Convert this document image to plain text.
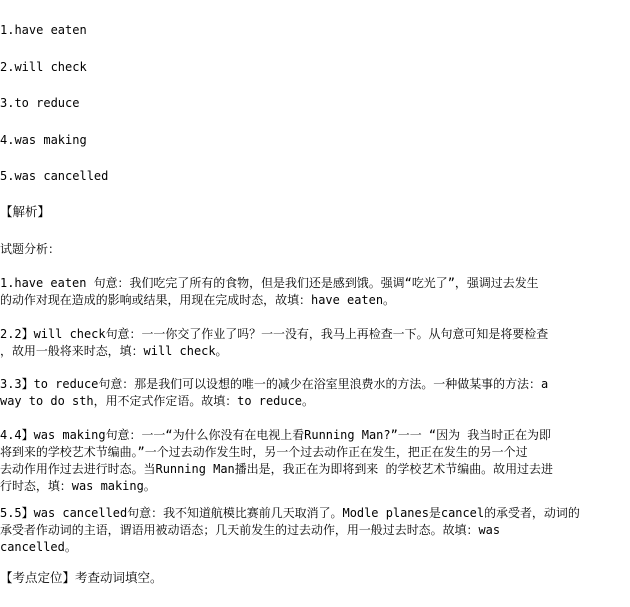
1.have eaten
2.will check
3.to reduce
4.was making
5.was cancelled
【解析】
试题分析：
1.have eaten 句意：我们吃完了所有的食物，但是我们还是感到饿。强调“吃光了”，强调过去发生
的动作对现在造成的影响或结果，用现在完成时态，故填：have eaten。
2.2】will check句意：一一你交了作业了吗？一一没有，我马上再检查一下。从句意可知是将要检查
，故用一般将来时态，填：will check。
3.3】to reduce句意：那是我们可以设想的唯一的减少在浴室里浪费水的方法。一种做某事的方法：a
way to do sth，用不定式作定语。故填：to reduce。
4.4】was making句意：一一“为什么你没有在电视上看Running Man?”一一 “因为 我当时正在为即
将到来的学校艺术节编曲。”一个过去动作发生时，另一个过去动作正在发生，把正在发生的另一个过
去动作用作过去进行时态。当Running Man播出是，我正在为即将到来 的学校艺术节编曲。故用过去进
行时态，填：was making。
5.5】was cancelled句意：我不知道航模比赛前几天取消了。Modle planes是cancel的承受者，动词的
承受者作动词的主语，谓语用被动语态；几天前发生的过去动作，用一般过去时态。故填：was
cancelled。
【考点定位】考查动词填空。
